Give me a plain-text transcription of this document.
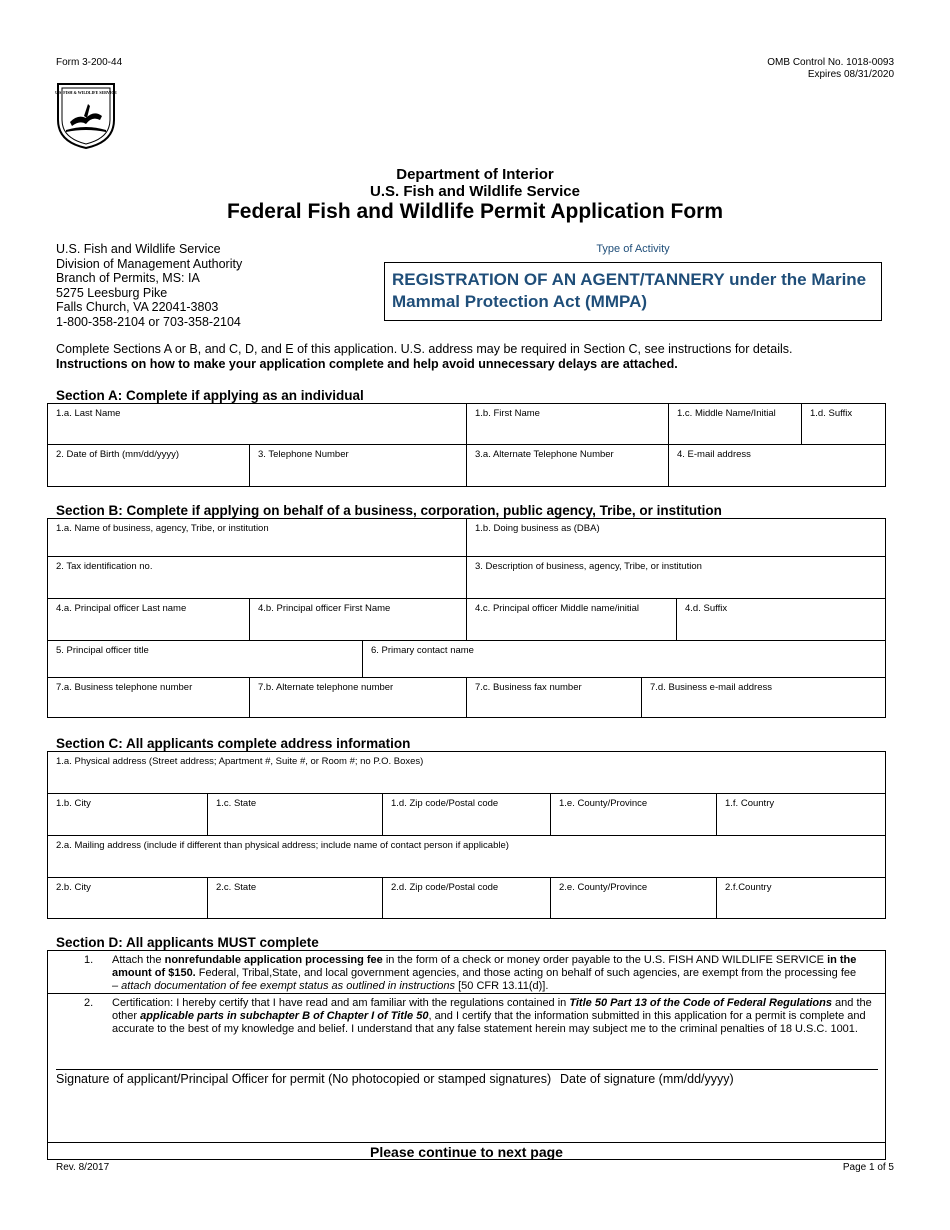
Form 3-200-44	OMB Control No. 1018-0093
Expires 08/31/2020
U.S. FISH & WILDLIFE SERVICE
Department of Interior
U.S. Fish and Wildlife Service
Federal Fish and Wildlife Permit Application Form
U.S. Fish and Wildlife Service
Division of Management Authority
Branch of Permits, MS: IA
5275 Leesburg Pike
Falls Church, VA 22041-3803
1-800-358-2104 or 703-358-2104
Type of Activity
REGISTRATION OF AN AGENT/TANNERY under the Marine Mammal Protection Act (MMPA)
Complete Sections A or B, and C, D, and E of this application. U.S. address may be required in Section C, see instructions for details.
Instructions on how to make your application complete and help avoid unnecessary delays are attached.
Section A: Complete if applying as an individual
1.a. Last Name	1.b. First Name	1.c. Middle Name/Initial	1.d. Suffix
2. Date of Birth (mm/dd/yyyy)	3. Telephone Number	3.a. Alternate Telephone Number	4. E-mail address
Section B: Complete if applying on behalf of a business, corporation, public agency, Tribe, or institution
1.a. Name of business, agency, Tribe, or institution	1.b. Doing business as (DBA)
2. Tax identification no.	3. Description of business, agency, Tribe, or institution
4.a. Principal officer Last name	4.b. Principal officer First Name	4.c. Principal officer Middle name/initial	4.d. Suffix
5. Principal officer title	6. Primary contact name
7.a. Business telephone number	7.b. Alternate telephone number	7.c. Business fax number	7.d. Business e-mail address
Section C: All applicants complete address information
1.a. Physical address (Street address; Apartment #, Suite #, or Room #; no P.O. Boxes)
1.b. City	1.c. State	1.d. Zip code/Postal code	1.e. County/Province	1.f. Country
2.a. Mailing address (include if different than physical address; include name of contact person if applicable)
2.b. City	2.c. State	2.d. Zip code/Postal code	2.e. County/Province	2.f.Country
Section D: All applicants MUST complete
1. Attach the nonrefundable application processing fee in the form of a check or money order payable to the U.S. FISH AND WILDLIFE SERVICE in the amount of $150. Federal, Tribal,State, and local government agencies, and those acting on behalf of such agencies, are exempt from the processing fee
– attach documentation of fee exempt status as outlined in instructions [50 CFR 13.11(d)].
2. Certification: I hereby certify that I have read and am familiar with the regulations contained in Title 50 Part 13 of the Code of Federal Regulations and the other applicable parts in subchapter B of Chapter I of Title 50, and I certify that the information submitted in this application for a permit is complete and accurate to the best of my knowledge and belief. I understand that any false statement herein may subject me to the criminal penalties of 18 U.S.C. 1001.
Signature of applicant/Principal Officer for permit (No photocopied or stamped signatures) Date of signature (mm/dd/yyyy)
Please continue to next page
Rev. 8/2017	Page 1 of 5
